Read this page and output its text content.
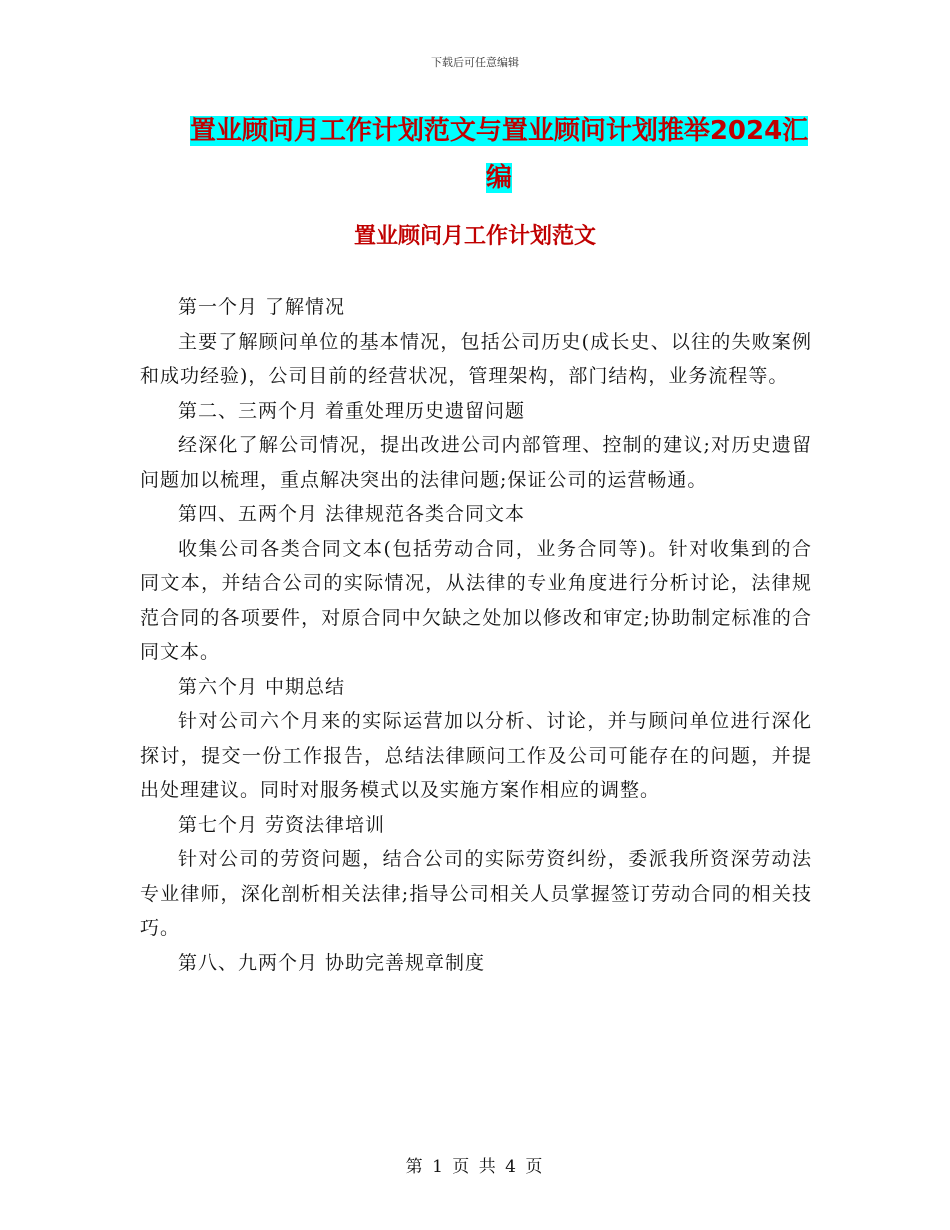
下载后可任意编辑
置业顾问月工作计划范文与置业顾问计划推举2024汇编
置业顾问月工作计划范文

第一个月 了解情况

主要了解顾问单位的基本情况，包括公司历史(成长史、以往的失败案例和成功经验)，公司目前的经营状况，管理架构，部门结构，业务流程等。

第二、三两个月 着重处理历史遗留问题

经深化了解公司情况，提出改进公司内部管理、控制的建议;对历史遗留问题加以梳理，重点解决突出的法律问题;保证公司的运营畅通。

第四、五两个月 法律规范各类合同文本

收集公司各类合同文本(包括劳动合同，业务合同等)。针对收集到的合同文本，并结合公司的实际情况，从法律的专业角度进行分析讨论，法律规范合同的各项要件，对原合同中欠缺之处加以修改和审定;协助制定标准的合同文本。

第六个月 中期总结

针对公司六个月来的实际运营加以分析、讨论，并与顾问单位进行深化探讨，提交一份工作报告，总结法律顾问工作及公司可能存在的问题，并提出处理建议。同时对服务模式以及实施方案作相应的调整。

第七个月 劳资法律培训

针对公司的劳资问题，结合公司的实际劳资纠纷，委派我所资深劳动法专业律师，深化剖析相关法律;指导公司相关人员掌握签订劳动合同的相关技巧。

第八、九两个月 协助完善规章制度

第 1 页 共 4 页
